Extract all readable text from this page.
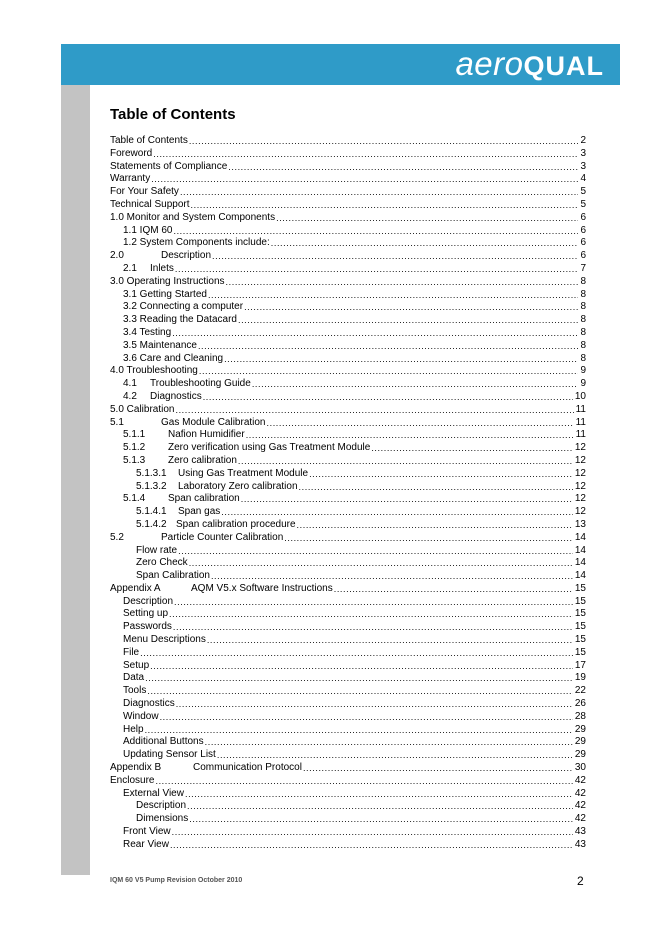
aeroQUAL
Table of Contents
Table of Contents .....	2
Foreword .....	3
Statements of Compliance .....	3
Warranty .....	4
For Your Safety .....	5
Technical Support .....	5
1.0 Monitor and System Components .....	6
1.1 IQM 60 .....	6
1.2 System Components include: .....	6
2.0	Description .....	6
2.1 Inlets .....	7
3.0 Operating Instructions .....	8
3.1 Getting Started .....	8
3.2 Connecting a computer .....	8
3.3 Reading the Datacard .....	8
3.4 Testing .....	8
3.5 Maintenance .....	8
3.6 Care and Cleaning .....	8
4.0 Troubleshooting .....	9
4.1 Troubleshooting Guide .....	9
4.2 Diagnostics .....	10
5.0 Calibration .....	11
5.1	Gas Module Calibration .....	11
5.1.1 Nafion Humidifier .....	11
5.1.2 Zero verification using Gas Treatment Module .....	12
5.1.3 Zero calibration .....	12
5.1.3.1 Using Gas Treatment Module .....	12
5.1.3.2 Laboratory Zero calibration .....	12
5.1.4 Span calibration .....	12
5.1.4.1 Span gas .....	12
5.1.4.2 Span calibration procedure .....	13
5.2	Particle Counter Calibration .....	14
Flow rate .....	14
Zero Check .....	14
Span Calibration .....	14
Appendix A	AQM V5.x Software Instructions .....	15
Description .....	15
Setting up .....	15
Passwords .....	15
Menu Descriptions .....	15
File .....	15
Setup .....	17
Data .....	19
Tools .....	22
Diagnostics .....	26
Window .....	28
Help .....	29
Additional Buttons .....	29
Updating Sensor List .....	29
Appendix B	Communication Protocol .....	30
Enclosure .....	42
External View .....	42
Description .....	42
Dimensions .....	42
Front View .....	43
Rear View .....	43
IQM 60 V5 Pump Revision October 2010	2
